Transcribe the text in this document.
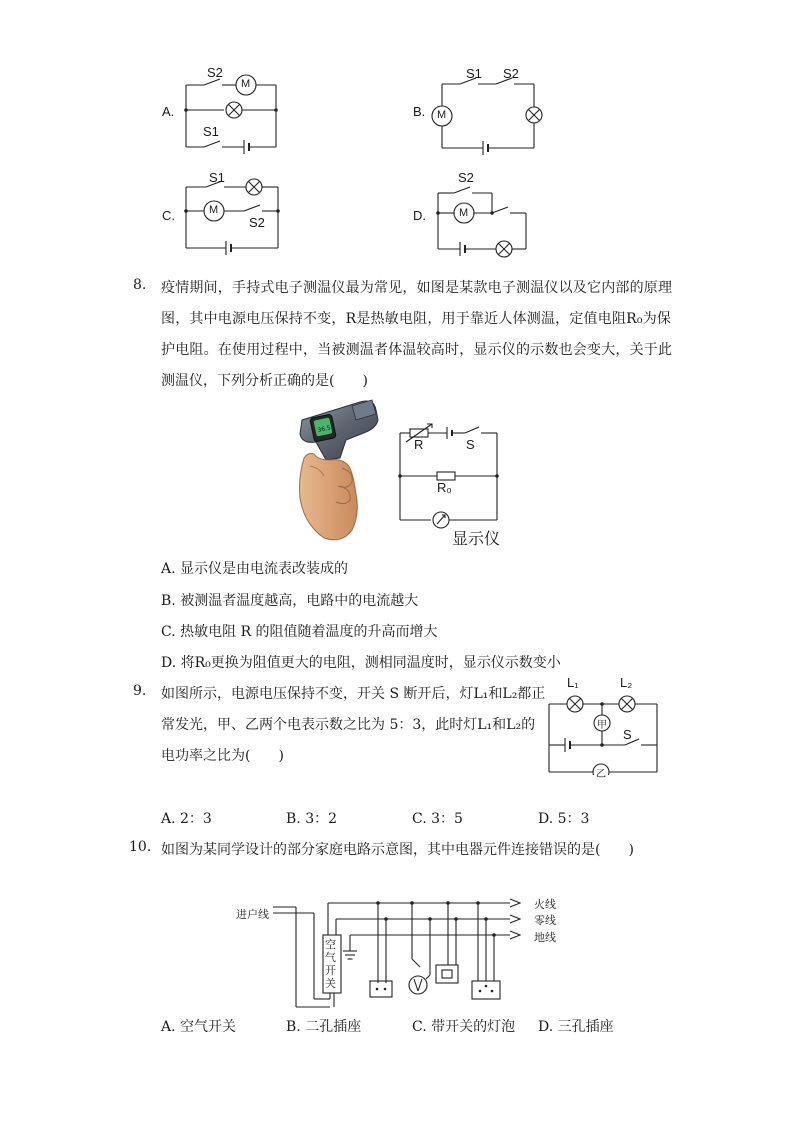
A.
S2
M
S1
B.
S1 S2
M
C.
S1
M
S2	D.
S2
M
8. 疫情期间，手持式电子测温仪最为常见，如图是某款电子测温仪以及它内部的原理
图，其中电源电压保持不变，R是热敏电阻，用于靠近人体测温，定值电阻R₀为保
护电阻。在使用过程中，当被测温者体温较高时，显示仪的示数也会变大，关于此
测温仪，下列分析正确的是(　　)
36.5
R	S
R₀
显示仪
A. 显示仪是由电流表改装成的
B. 被测温者温度越高，电路中的电流越大
C. 热敏电阻 R 的阻值随着温度的升高而增大
D. 将R₀更换为阻值更大的电阻，测相同温度时，显示仪示数变小
9. 如图所示，电源电压保持不变，开关 S 断开后，灯L₁和L₂都正
常发光，甲、乙两个电表示数之比为 5：3，此时灯L₁和L₂的
电功率之比为(　　)
L₁	L₂
甲
S
乙
A. 2：3	B. 3：2	C. 3：5	D. 5：3
10. 如图为某同学设计的部分家庭电路示意图，其中电器元件连接错误的是(　　)
进户线
火线
零线
地线
空气开关
A. 空气开关	B. 二孔插座	C. 带开关的灯泡 D. 三孔插座
